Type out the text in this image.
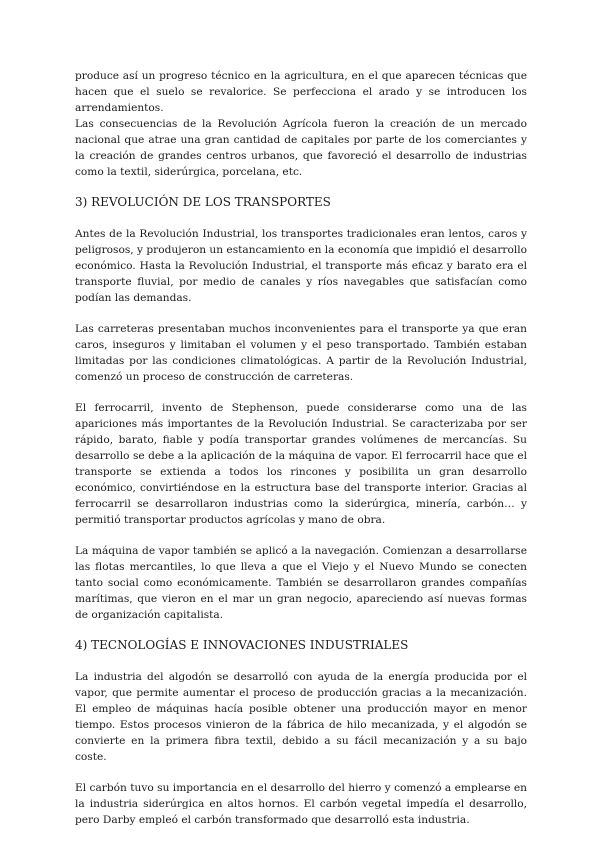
produce así un progreso técnico en la agricultura, en el que aparecen técnicas que hacen que el suelo se revalorice. Se perfecciona el arado y se introducen los arrendamientos.

Las consecuencias de la Revolución Agrícola fueron la creación de un mercado nacional que atrae una gran cantidad de capitales por parte de los comerciantes y la creación de grandes centros urbanos, que favoreció el desarrollo de industrias como la textil, siderúrgica, porcelana, etc.

3) REVOLUCIÓN DE LOS TRANSPORTES

Antes de la Revolución Industrial, los transportes tradicionales eran lentos, caros y peligrosos, y produjeron un estancamiento en la economía que impidió el desarrollo económico. Hasta la Revolución Industrial, el transporte más eficaz y barato era el transporte fluvial, por medio de canales y ríos navegables que satisfacían como podían las demandas.

Las carreteras presentaban muchos inconvenientes para el transporte ya que eran caros, inseguros y limitaban el volumen y el peso transportado. También estaban limitadas por las condiciones climatológicas. A partir de la Revolución Industrial, comenzó un proceso de construcción de carreteras.

El ferrocarril, invento de Stephenson, puede considerarse como una de las apariciones más importantes de la Revolución Industrial. Se caracterizaba por ser rápido, barato, fiable y podía transportar grandes volúmenes de mercancías. Su desarrollo se debe a la aplicación de la máquina de vapor. El ferrocarril hace que el transporte se extienda a todos los rincones y posibilita un gran desarrollo económico, convirtiéndose en la estructura base del transporte interior. Gracias al ferrocarril se desarrollaron industrias como la siderúrgica, minería, carbón… y permitió transportar productos agrícolas y mano de obra.

La máquina de vapor también se aplicó a la navegación. Comienzan a desarrollarse las flotas mercantiles, lo que lleva a que el Viejo y el Nuevo Mundo se conecten tanto social como económicamente. También se desarrollaron grandes compañías marítimas, que vieron en el mar un gran negocio, apareciendo así nuevas formas de organización capitalista.

4) TECNOLOGÍAS E INNOVACIONES INDUSTRIALES

La industria del algodón se desarrolló con ayuda de la energía producida por el vapor, que permite aumentar el proceso de producción gracias a la mecanización. El empleo de máquinas hacía posible obtener una producción mayor en menor tiempo. Estos procesos vinieron de la fábrica de hilo mecanizada, y el algodón se convierte en la primera fibra textil, debido a su fácil mecanización y a su bajo coste.

El carbón tuvo su importancia en el desarrollo del hierro y comenzó a emplearse en la industria siderúrgica en altos hornos. El carbón vegetal impedía el desarrollo, pero Darby empleó el carbón transformado que desarrolló esta industria.
